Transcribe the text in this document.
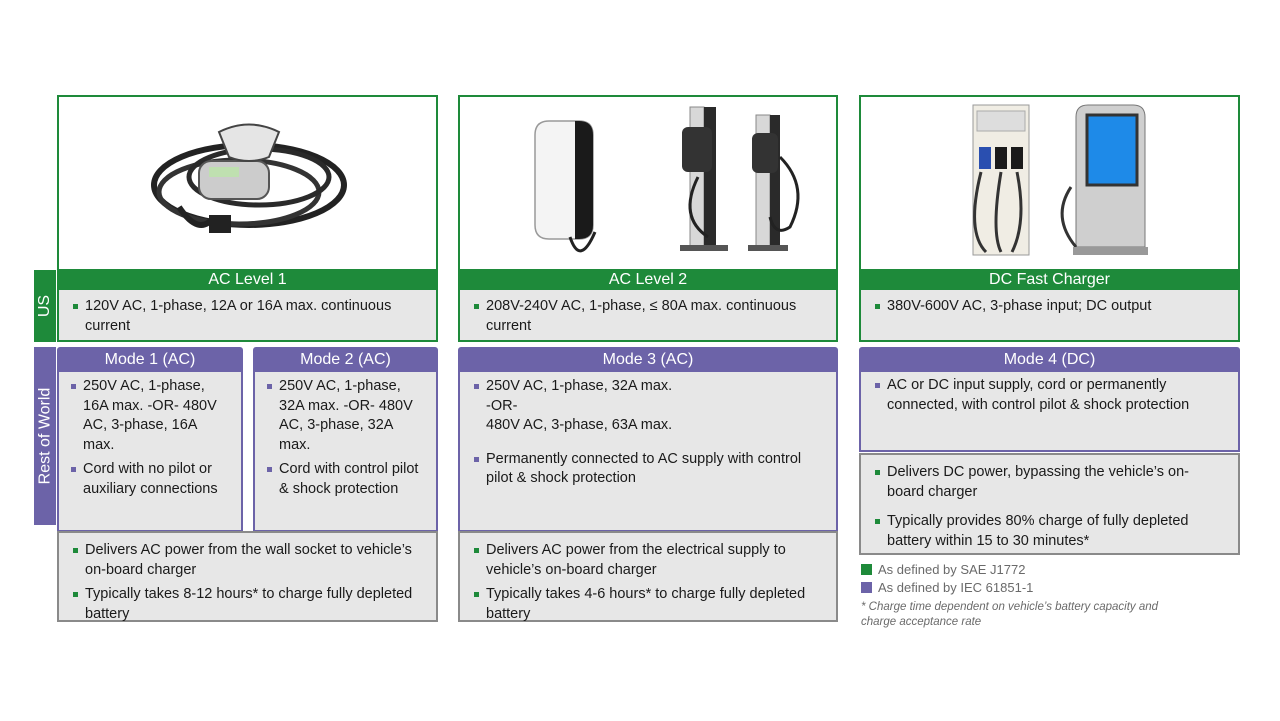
US
Rest of World
AC Level 1
120V AC, 1-phase, 12A or 16A max. continuous current
Mode 1 (AC)
250V AC, 1-phase, 16A max. -OR- 480V AC, 3-phase, 16A max.
Cord with no pilot or auxiliary connections
Mode 2 (AC)
250V AC, 1-phase, 32A max. -OR- 480V AC, 3-phase, 32A max.
Cord with control pilot & shock protection
Delivers AC power from the wall socket to vehicle’s on-board charger
Typically takes 8-12 hours* to charge fully depleted battery
AC Level 2
208V-240V AC, 1-phase, ≤ 80A max. continuous current
Mode 3 (AC)
250V AC, 1-phase, 32A max.
-OR-
480V AC, 3-phase, 63A max.
Permanently connected to AC supply with control pilot & shock protection
Delivers AC power from the electrical supply to vehicle’s on-board charger
Typically takes 4-6 hours* to charge fully depleted battery
DC Fast Charger
380V-600V AC, 3-phase input; DC output
Mode 4 (DC)
AC or DC input supply, cord or permanently connected, with control pilot & shock protection
Delivers DC power, bypassing the vehicle’s on-board charger
Typically provides 80% charge of fully depleted battery within 15 to 30 minutes*
As defined by SAE J1772
As defined by IEC 61851-1
* Charge time dependent on vehicle’s battery capacity and charge acceptance rate
